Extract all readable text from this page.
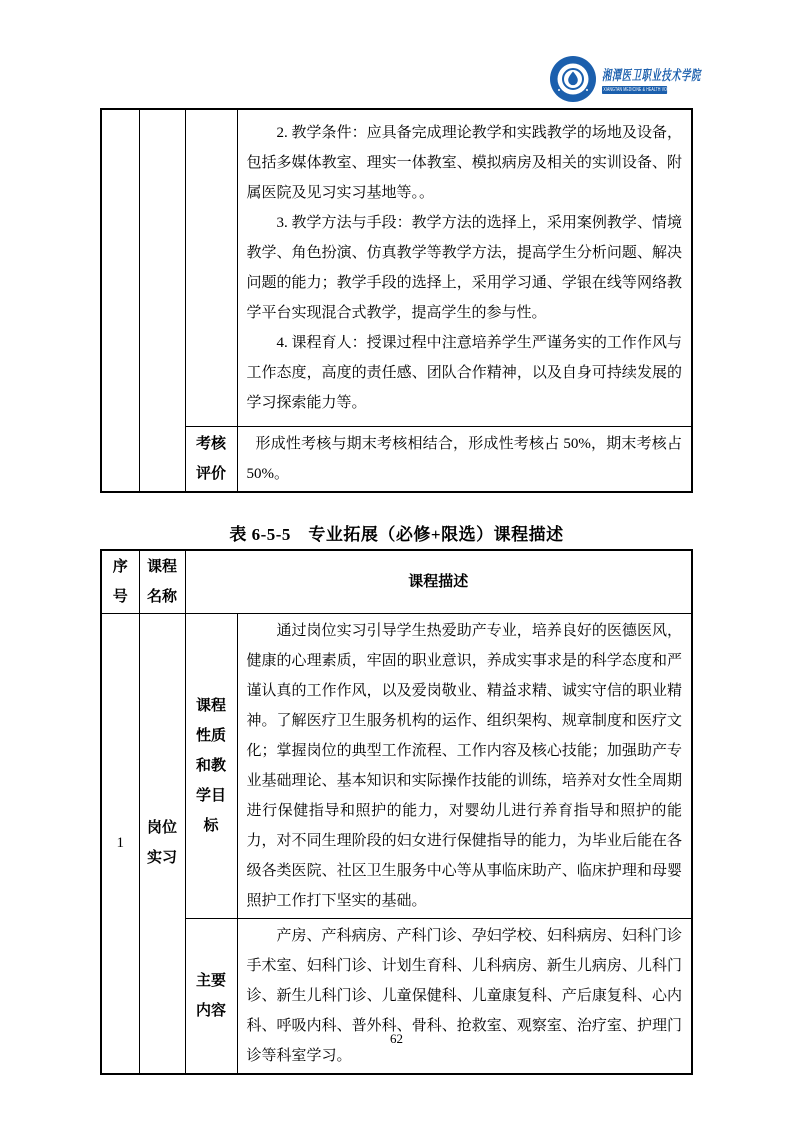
湘潭医卫职业技术学院
XIANGTAN MEDICINE & HEALTH VOCATIONAL COLLEGE

			2. 教学条件：应具备完成理论教学和实践教学的场地及设备，包括多媒体教室、理实一体教室、模拟病房及相关的实训设备、附属医院及见习实习基地等。。

3. 教学方法与手段：教学方法的选择上，采用案例教学、情境教学、角色扮演、仿真教学等教学方法，提高学生分析问题、解决问题的能力；教学手段的选择上，采用学习通、学银在线等网络教学平台实现混合式教学，提高学生的参与性。

4. 课程育人：授课过程中注意培养学生严谨务实的工作作风与工作态度，高度的责任感、团队合作精神，以及自身可持续发展的学习探索能力等。

		考核评价	形成性考核与期末考核相结合，形成性考核占 50%，期末考核占 50%。

表 6-5-5　专业拓展（必修+限选）课程描述
序号	课程名称	课程描述	
1	岗位实习	课程性质和教学目标	通过岗位实习引导学生热爱助产专业，培养良好的医德医风，健康的心理素质，牢固的职业意识，养成实事求是的科学态度和严谨认真的工作作风，以及爱岗敬业、精益求精、诚实守信的职业精神。了解医疗卫生服务机构的运作、组织架构、规章制度和医疗文化；掌握岗位的典型工作流程、工作内容及核心技能；加强助产专业基础理论、基本知识和实际操作技能的训练，培养对女性全周期进行保健指导和照护的能力，对婴幼儿进行养育指导和照护的能力，对不同生理阶段的妇女进行保健指导的能力，为毕业后能在各级各类医院、社区卫生服务中心等从事临床助产、临床护理和母婴照护工作打下坚实的基础。

		主要内容	产房、产科病房、产科门诊、孕妇学校、妇科病房、妇科门诊手术室、妇科门诊、计划生育科、儿科病房、新生儿病房、儿科门诊、新生儿科门诊、儿童保健科、儿童康复科、产后康复科、心内科、呼吸内科、普外科、骨科、抢救室、观察室、治疗室、护理门诊等科室学习。

62
